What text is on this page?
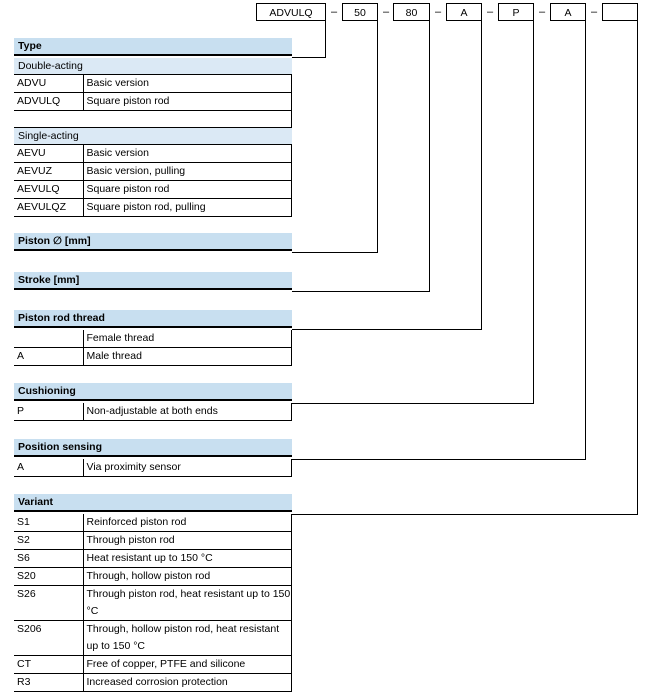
ADVULQ	–	50	–	80	–	A	–	P	–	A	–
Type
Double-acting
ADVU	Basic version
ADVULQ	Square piston rod
Single-acting
AEVU	Basic version
AEVUZ	Basic version, pulling
AEVULQ	Square piston rod
AEVULQZ	Square piston rod, pulling
Piston ∅ [mm]
Stroke [mm]
Piston rod thread
	Female thread
A	Male thread
Cushioning
P	Non-adjustable at both ends
Position sensing
A	Via proximity sensor
Variant
S1	Reinforced piston rod
S2	Through piston rod
S6	Heat resistant up to 150 °C
S20	Through, hollow piston rod
S26	Through piston rod, heat resistant up to 150 °C
S206	Through, hollow piston rod, heat resistant up to 150 °C
CT	Free of copper, PTFE and silicone
R3	Increased corrosion protection
